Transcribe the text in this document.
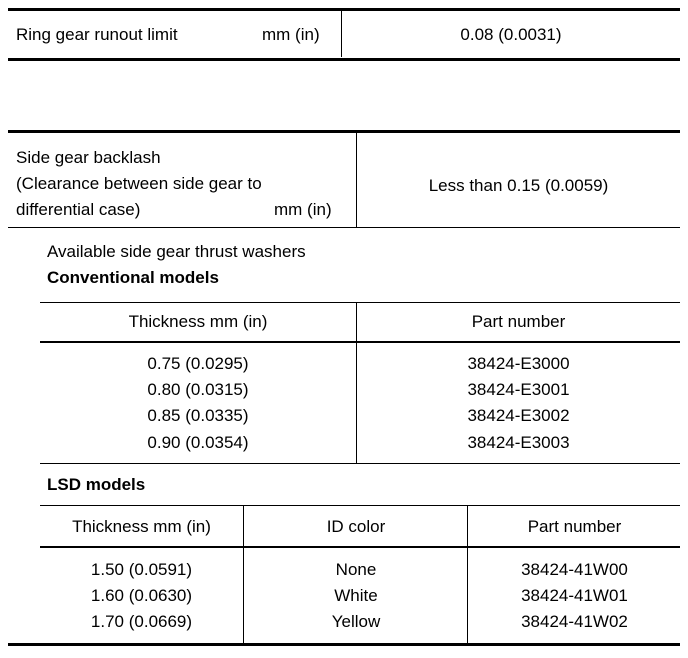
Ring gear runout limit	mm (in)	0.08 (0.0031)
Side gear backlash
(Clearance between side gear to
differential case)	mm (in)
Less than 0.15 (0.0059)
Available side gear thrust washers
Conventional models
Thickness mm (in)	Part number
0.75 (0.0295)	38424-E3000
0.80 (0.0315)	38424-E3001
0.85 (0.0335)	38424-E3002
0.90 (0.0354)	38424-E3003
LSD models
Thickness mm (in)	ID color	Part number
1.50 (0.0591)	None	38424-41W00
1.60 (0.0630)	White	38424-41W01
1.70 (0.0669)	Yellow	38424-41W02
